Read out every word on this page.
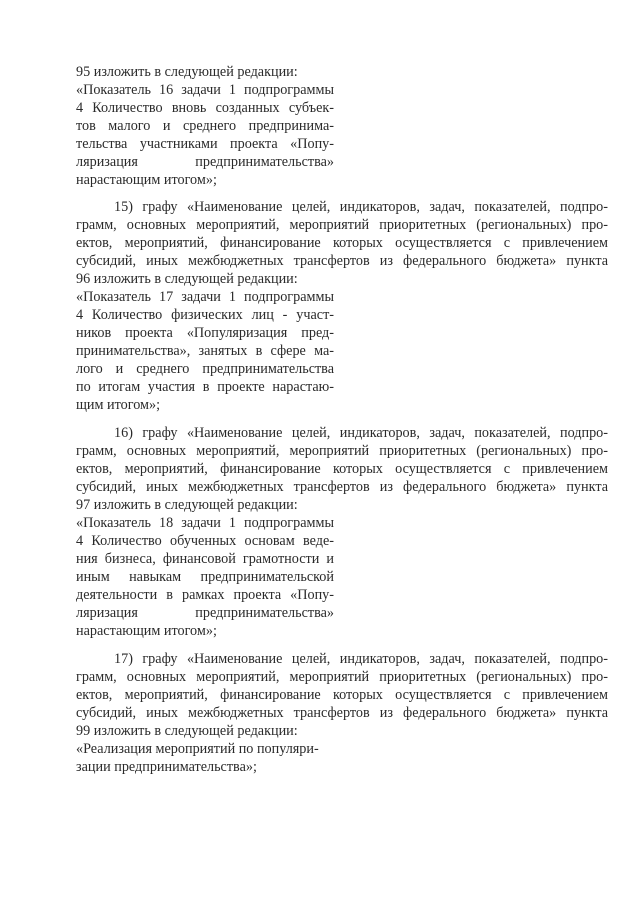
95 изложить в следующей редакции:
«Показатель 16 задачи 1 подпрограммы
4 Количество вновь созданных субъек-
тов малого и среднего предпринима-
тельства участниками проекта «Попу-
ляризация предпринимательства»
нарастающим итогом»;
15) графу «Наименование целей, индикаторов, задач, показателей, подпро-
грамм, основных мероприятий, мероприятий приоритетных (региональных) про-
ектов, мероприятий, финансирование которых осуществляется с привлечением
субсидий, иных межбюджетных трансфертов из федерального бюджета» пункта
96 изложить в следующей редакции:
«Показатель 17 задачи 1 подпрограммы
4 Количество физических лиц - участ-
ников проекта «Популяризация пред-
принимательства», занятых в сфере ма-
лого и среднего предпринимательства
по итогам участия в проекте нарастаю-
щим итогом»;
16) графу «Наименование целей, индикаторов, задач, показателей, подпро-
грамм, основных мероприятий, мероприятий приоритетных (региональных) про-
ектов, мероприятий, финансирование которых осуществляется с привлечением
субсидий, иных межбюджетных трансфертов из федерального бюджета» пункта
97 изложить в следующей редакции:
«Показатель 18 задачи 1 подпрограммы
4 Количество обученных основам веде-
ния бизнеса, финансовой грамотности и
иным навыкам предпринимательской
деятельности в рамках проекта «Попу-
ляризация предпринимательства»
нарастающим итогом»;
17) графу «Наименование целей, индикаторов, задач, показателей, подпро-
грамм, основных мероприятий, мероприятий приоритетных (региональных) про-
ектов, мероприятий, финансирование которых осуществляется с привлечением
субсидий, иных межбюджетных трансфертов из федерального бюджета» пункта
99 изложить в следующей редакции:
«Реализация мероприятий по популяри-
зации предпринимательства»;
